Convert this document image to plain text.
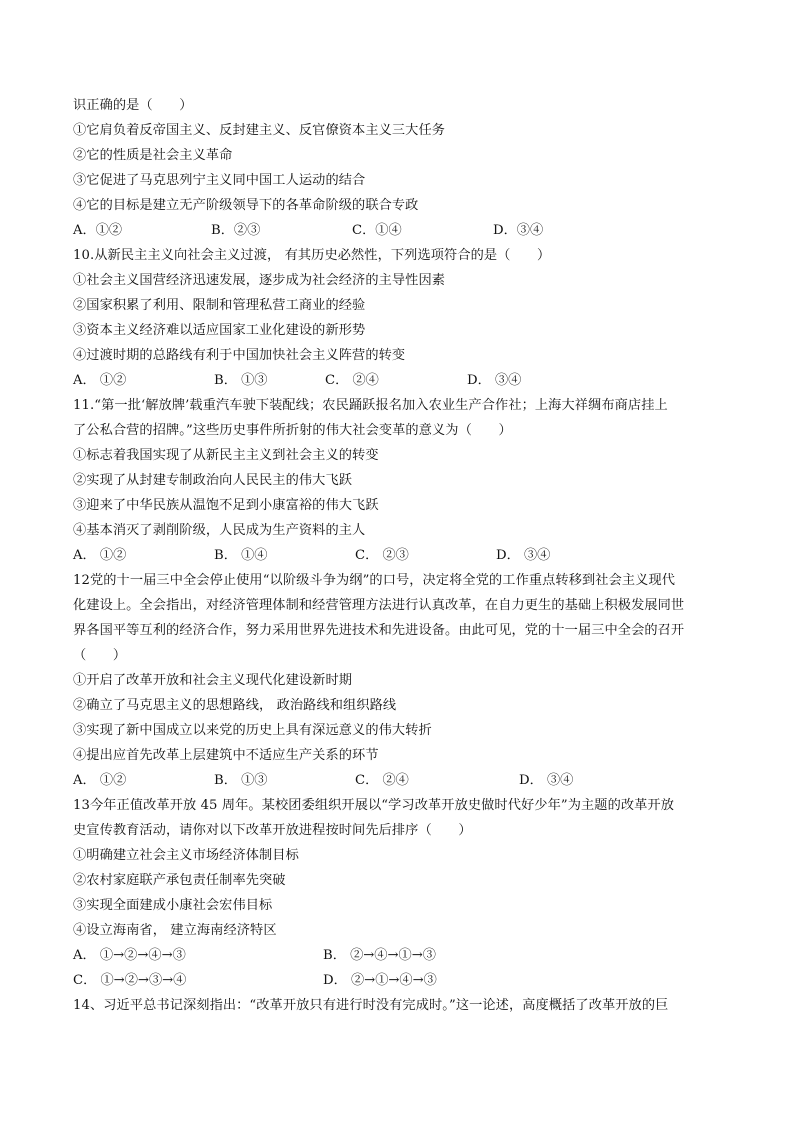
识正确的是（　　）
①它肩负着反帝国主义、反封建主义、反官僚资本主义三大任务
②它的性质是社会主义革命
③它促进了马克思列宁主义同中国工人运动的结合
④它的目标是建立无产阶级领导下的各革命阶级的联合专政
A．①②	B．②③	C．①④	D．③④
10.从新民主主义向社会主义过渡， 有其历史必然性，下列选项符合的是（　　）
①社会主义国营经济迅速发展，逐步成为社会经济的主导性因素
②国家积累了利用、限制和管理私营工商业的经验
③资本主义经济难以适应国家工业化建设的新形势
④过渡时期的总路线有利于中国加快社会主义阵营的转变
A． ①②	B． ①③	C． ②④	D． ③④
11.“第一批‘解放牌’载重汽车驶下装配线；农民踊跃报名加入农业生产合作社；上海大祥绸布商店挂上
了公私合营的招牌。”这些历史事件所折射的伟大社会变革的意义为（　　）
①标志着我国实现了从新民主主义到社会主义的转变
②实现了从封建专制政治向人民民主的伟大飞跃
③迎来了中华民族从温饱不足到小康富裕的伟大飞跃
④基本消灭了剥削阶级，人民成为生产资料的主人
A． ①②	B． ①④	C． ②③	D． ③④
12党的十一届三中全会停止使用“以阶级斗争为纲”的口号，决定将全党的工作重点转移到社会主义现代
化建设上。全会指出，对经济管理体制和经营管理方法进行认真改革，在自力更生的基础上积极发展同世
界各国平等互利的经济合作，努力采用世界先进技术和先进设备。由此可见，党的十一届三中全会的召开
（　　）
①开启了改革开放和社会主义现代化建设新时期
②确立了马克思主义的思想路线， 政治路线和组织路线
③实现了新中国成立以来党的历史上具有深远意义的伟大转折
④提出应首先改革上层建筑中不适应生产关系的环节
A． ①②	B． ①③	C． ②④	D． ③④
13今年正值改革开放 45 周年。某校团委组织开展以“学习改革开放史做时代好少年”为主题的改革开放
史宣传教育活动，请你对以下改革开放进程按时间先后排序（　　）
①明确建立社会主义市场经济体制目标
②农村家庭联产承包责任制率先突破
③实现全面建成小康社会宏伟目标
④设立海南省， 建立海南经济特区
A． ①→②→④→③	B． ②→④→①→③
C． ①→②→③→④	D． ②→①→④→③
14、习近平总书记深刻指出：“改革开放只有进行时没有完成时。”这一论述，高度概括了改革开放的巨
